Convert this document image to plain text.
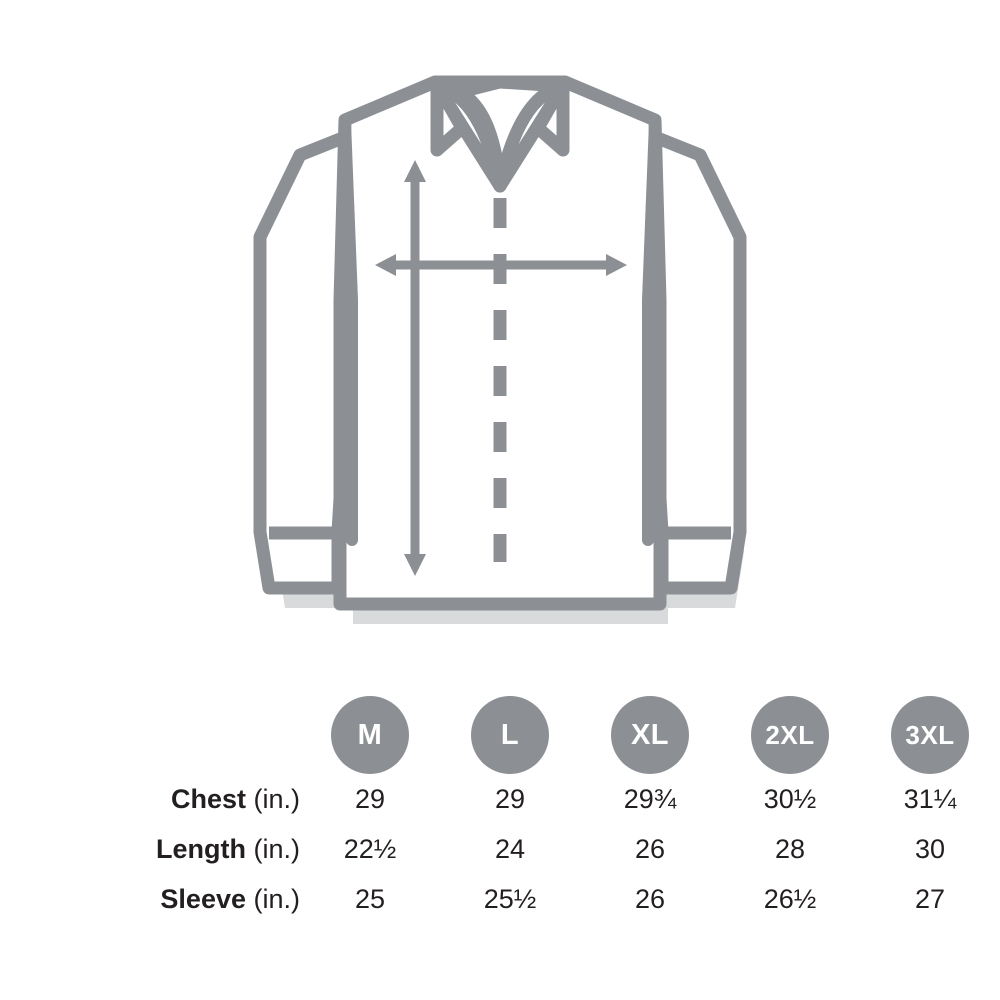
	M	L	XL	2XL	3XL
Chest (in.)	29	29	29¾	30½	31¼
Length (in.)	22½	24	26	28	30
Sleeve (in.)	25	25½	26	26½	27
